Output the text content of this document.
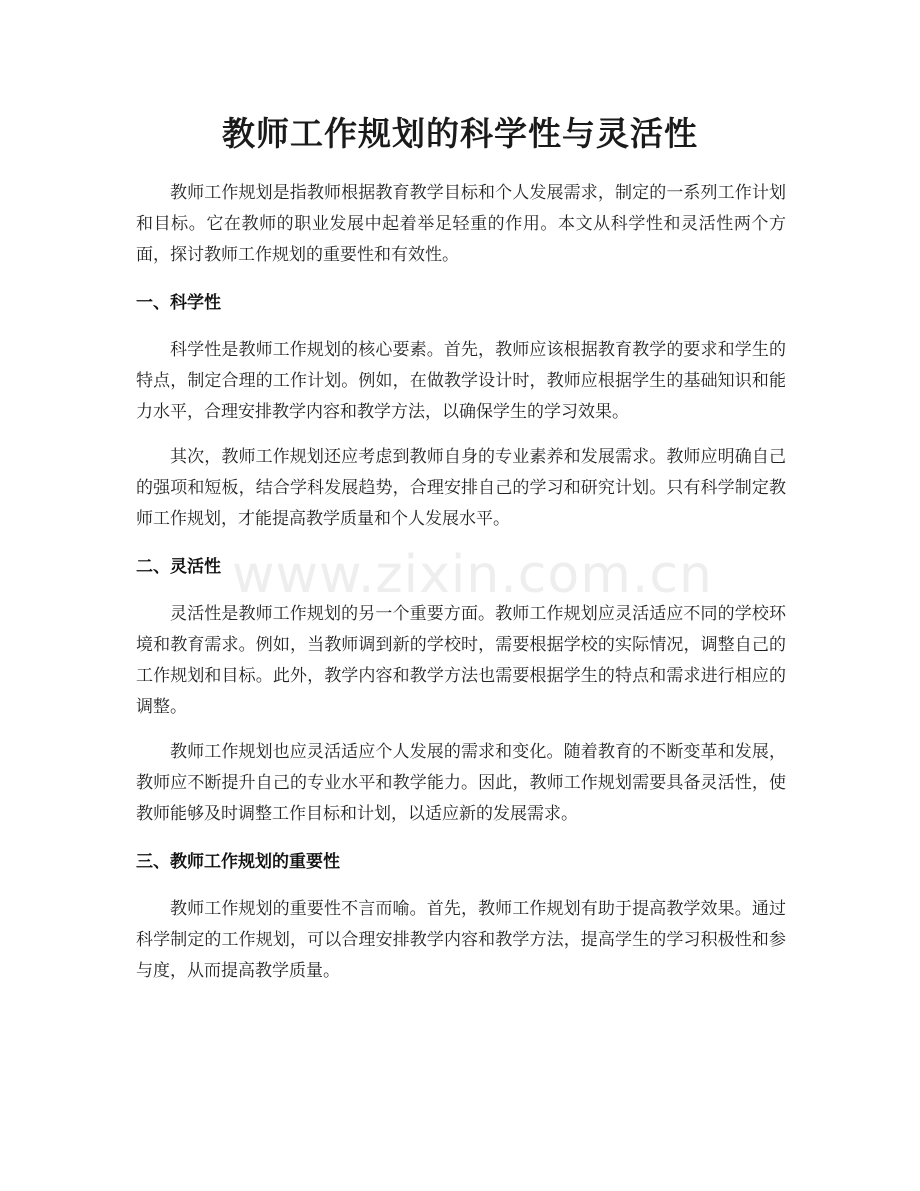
教师工作规划的科学性与灵活性

教师工作规划是指教师根据教育教学目标和个人发展需求，制定的一系列工作计划和目标。它在教师的职业发展中起着举足轻重的作用。本文从科学性和灵活性两个方面，探讨教师工作规划的重要性和有效性。

一、科学性

科学性是教师工作规划的核心要素。首先，教师应该根据教育教学的要求和学生的特点，制定合理的工作计划。例如，在做教学设计时，教师应根据学生的基础知识和能力水平，合理安排教学内容和教学方法，以确保学生的学习效果。

其次，教师工作规划还应考虑到教师自身的专业素养和发展需求。教师应明确自己的强项和短板，结合学科发展趋势，合理安排自己的学习和研究计划。只有科学制定教师工作规划，才能提高教学质量和个人发展水平。

二、灵活性

灵活性是教师工作规划的另一个重要方面。教师工作规划应灵活适应不同的学校环境和教育需求。例如，当教师调到新的学校时，需要根据学校的实际情况，调整自己的工作规划和目标。此外，教学内容和教学方法也需要根据学生的特点和需求进行相应的调整。

教师工作规划也应灵活适应个人发展的需求和变化。随着教育的不断变革和发展，教师应不断提升自己的专业水平和教学能力。因此，教师工作规划需要具备灵活性，使教师能够及时调整工作目标和计划，以适应新的发展需求。

三、教师工作规划的重要性

教师工作规划的重要性不言而喻。首先，教师工作规划有助于提高教学效果。通过科学制定的工作规划，可以合理安排教学内容和教学方法，提高学生的学习积极性和参与度，从而提高教学质量。

www.zixin.com.cn
